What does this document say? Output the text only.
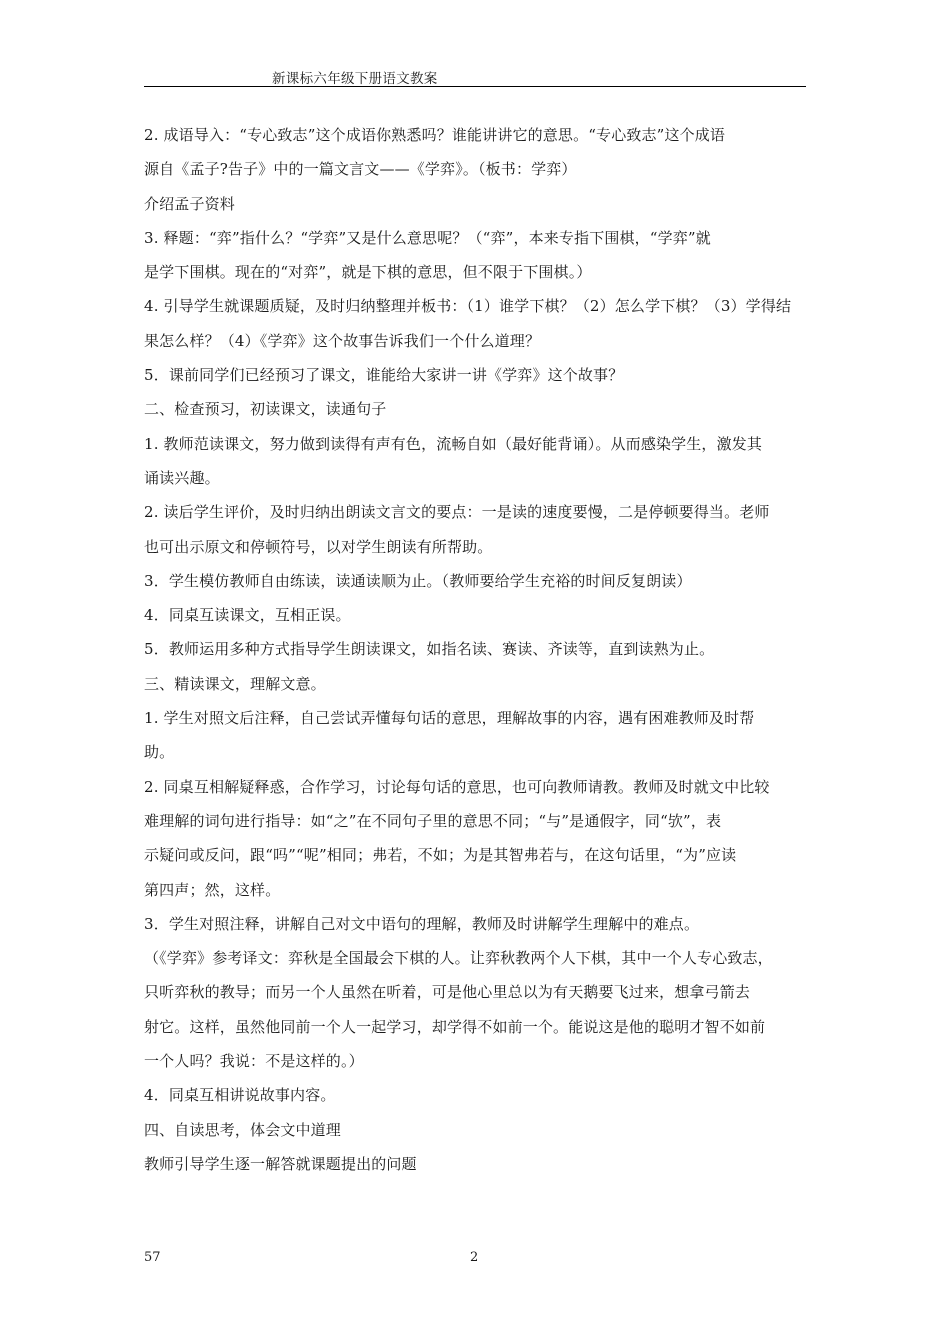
新课标六年级下册语文教案
2. 成语导入：“专心致志”这个成语你熟悉吗？谁能讲讲它的意思。“专心致志”这个成语
源自《孟子?告子》中的一篇文言文——《学弈》。（板书：学弈）
介绍孟子资料
3. 释题：“弈”指什么？“学弈”又是什么意思呢？（“弈”，本来专指下围棋，“学弈”就
是学下围棋。现在的“对弈”，就是下棋的意思，但不限于下围棋。）
4. 引导学生就课题质疑，及时归纳整理并板书：（1）谁学下棋？（2）怎么学下棋？（3）学得结
果怎么样？（4）《学弈》这个故事告诉我们一个什么道理？
5．课前同学们已经预习了课文，谁能给大家讲一讲《学弈》这个故事？
二、检查预习，初读课文，读通句子
1. 教师范读课文，努力做到读得有声有色，流畅自如（最好能背诵）。从而感染学生，激发其
诵读兴趣。
2. 读后学生评价，及时归纳出朗读文言文的要点：一是读的速度要慢，二是停顿要得当。老师
也可出示原文和停顿符号，以对学生朗读有所帮助。
3．学生模仿教师自由练读，读通读顺为止。（教师要给学生充裕的时间反复朗读）
4．同桌互读课文，互相正误。
5．教师运用多种方式指导学生朗读课文，如指名读、赛读、齐读等，直到读熟为止。
三、精读课文，理解文意。
1. 学生对照文后注释，自己尝试弄懂每句话的意思，理解故事的内容，遇有困难教师及时帮
助。
2. 同桌互相解疑释惑，合作学习，讨论每句话的意思，也可向教师请教。教师及时就文中比较
难理解的词句进行指导：如“之”在不同句子里的意思不同；“与”是通假字，同“欤”，表
示疑问或反问，跟“吗”“呢”相同；弗若，不如；为是其智弗若与，在这句话里，“为”应读
第四声；然，这样。
3．学生对照注释，讲解自己对文中语句的理解，教师及时讲解学生理解中的难点。
（《学弈》参考译文：弈秋是全国最会下棋的人。让弈秋教两个人下棋，其中一个人专心致志，
只听弈秋的教导；而另一个人虽然在听着，可是他心里总以为有天鹅要飞过来，想拿弓箭去
射它。这样，虽然他同前一个人一起学习，却学得不如前一个。能说这是他的聪明才智不如前
一个人吗？我说：不是这样的。）
4．同桌互相讲说故事内容。
四、自读思考，体会文中道理
教师引导学生逐一解答就课题提出的问题
57	2
